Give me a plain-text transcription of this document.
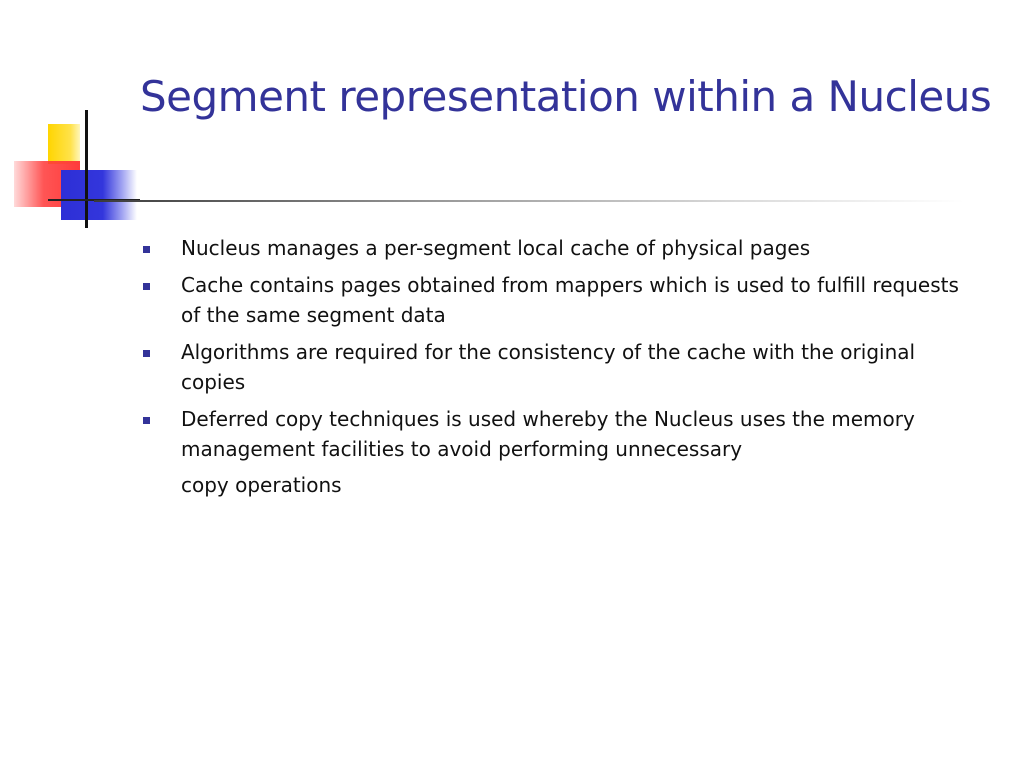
Segment representation within a Nucleus
Nucleus manages a per-segment local cache of physical pages
Cache contains pages obtained from mappers which is used to fulfill requests of the same segment data
Algorithms are required for the consistency of the cache with the original copies
Deferred copy techniques is used whereby the Nucleus uses the memory management facilities to avoid performing unnecessary
copy operations
